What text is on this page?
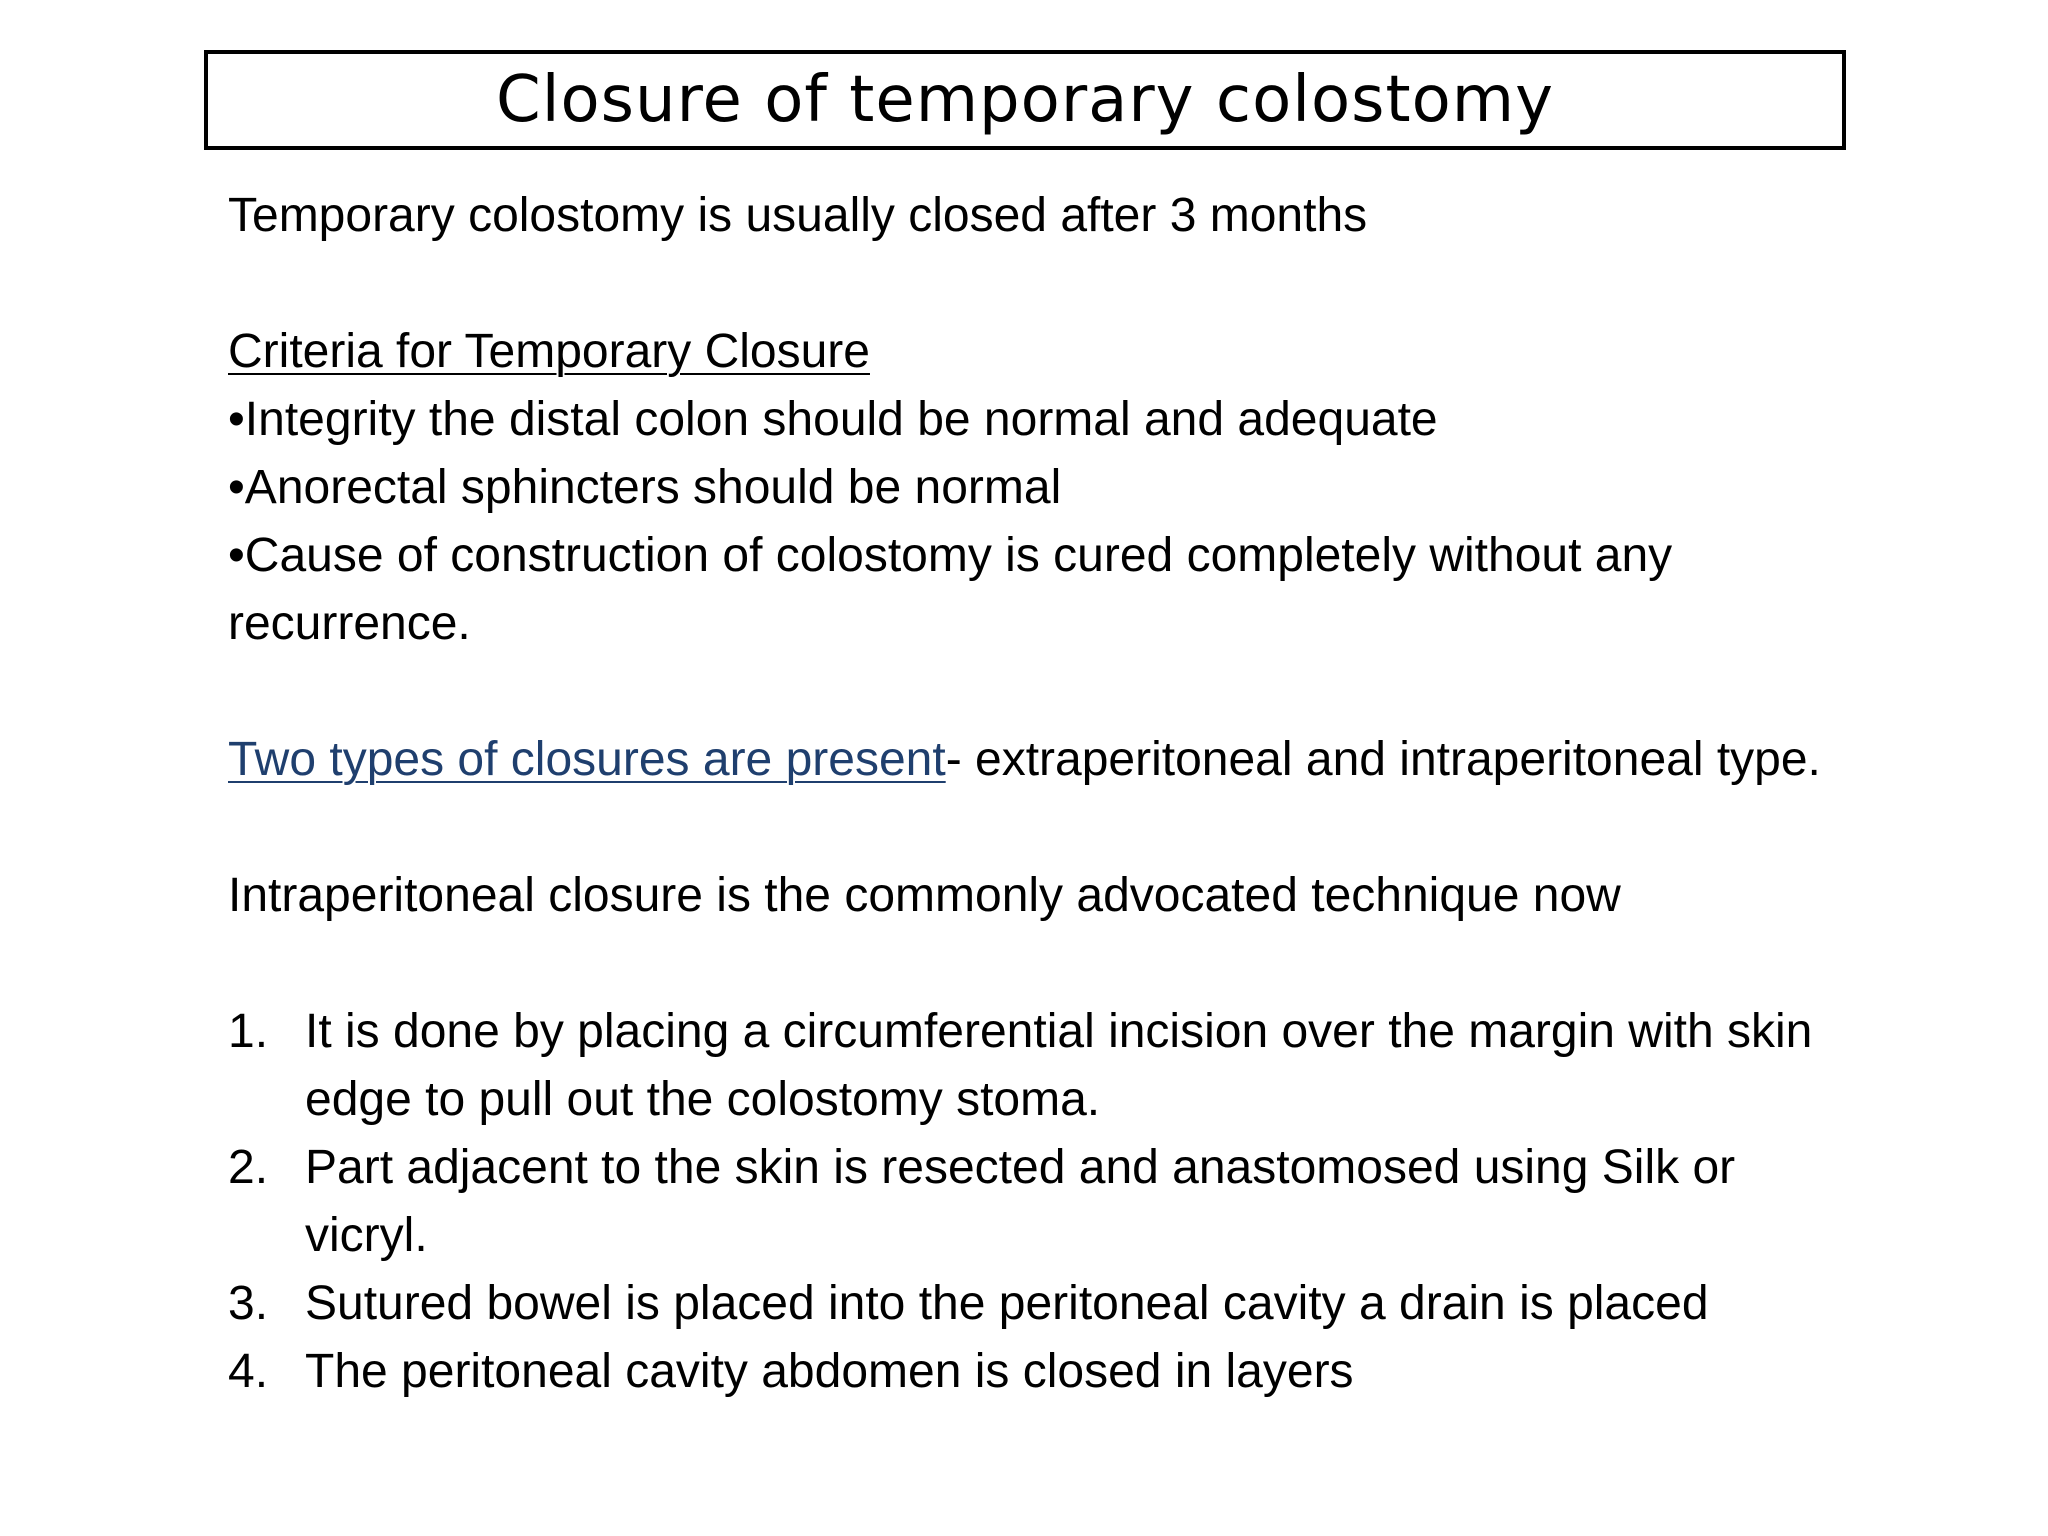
Closure of temporary colostomy

Temporary colostomy is usually closed after 3 months

Criteria for Temporary Closure

•Integrity the distal colon should be normal and adequate

•Anorectal sphincters should be normal

•Cause of construction of colostomy is cured completely without any recurrence.

Two types of closures are present- extraperitoneal and intraperitoneal type.

Intraperitoneal closure is the commonly advocated technique now

1. It is done by placing a circumferential incision over the margin with skin edge to pull out the colostomy stoma.
2. Part adjacent to the skin is resected and anastomosed using Silk or vicryl.
3. Sutured bowel is placed into the peritoneal cavity a drain is placed
4. The peritoneal cavity abdomen is closed in layers
